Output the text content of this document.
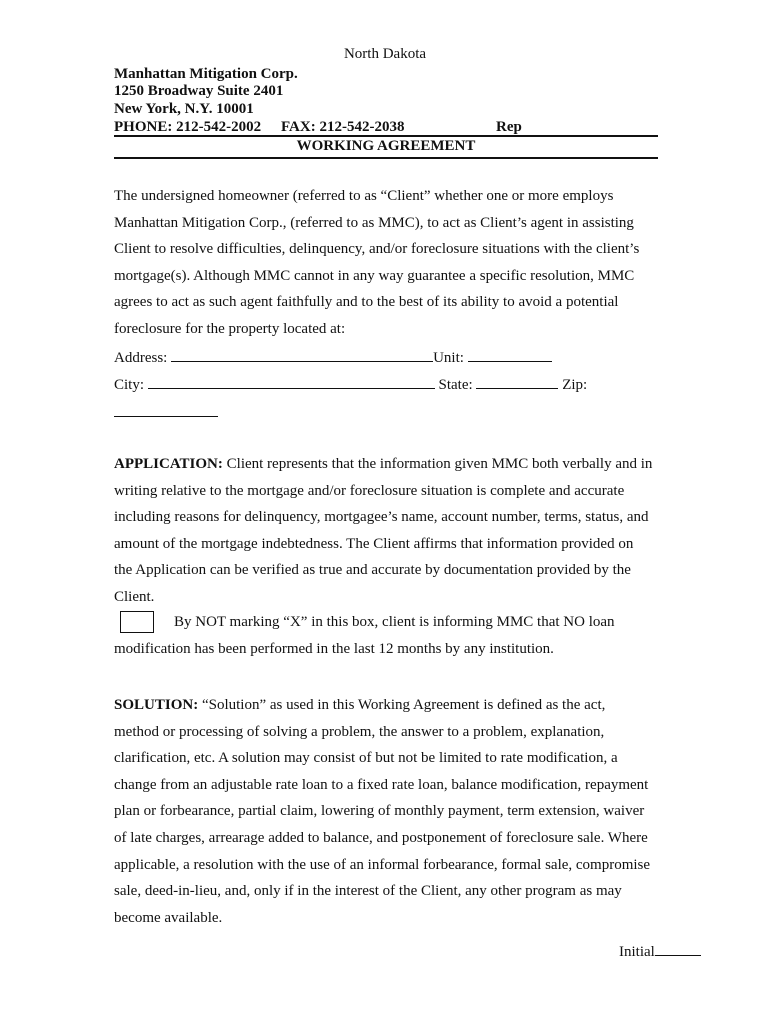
North Dakota
Manhattan Mitigation Corp.
1250 Broadway Suite 2401
New York, N.Y. 10001
PHONE: 212-542-2002 FAX: 212-542-2038	Rep
WORKING AGREEMENT

The undersigned homeowner (referred to as “Client” whether one or more employs

Manhattan Mitigation Corp., (referred to as MMC), to act as Client’s agent in assisting

Client to resolve difficulties, delinquency, and/or foreclosure situations with the client’s

mortgage(s). Although MMC cannot in any way guarantee a specific resolution, MMC

agrees to act as such agent faithfully and to the best of its ability to avoid a potential

foreclosure for the property located at:

Address:	Unit:
City:	State:	Zip:

APPLICATION: Client represents that the information given MMC both verbally and in

writing relative to the mortgage and/or foreclosure situation is complete and accurate

including reasons for delinquency, mortgagee’s name, account number, terms, status, and

amount of the mortgage indebtedness. The Client affirms that information provided on

the Application can be verified as true and accurate by documentation provided by the

Client.

By NOT marking “X” in this box, client is informing MMC that NO loan
modification has been performed in the last 12 months by any institution.

SOLUTION: “Solution” as used in this Working Agreement is defined as the act,

method or processing of solving a problem, the answer to a problem, explanation,

clarification, etc. A solution may consist of but not be limited to rate modification, a

change from an adjustable rate loan to a fixed rate loan, balance modification, repayment

plan or forbearance, partial claim, lowering of monthly payment, term extension, waiver

of late charges, arrearage added to balance, and postponement of foreclosure sale. Where

applicable, a resolution with the use of an informal forbearance, formal sale, compromise

sale, deed-in-lieu, and, only if in the interest of the Client, any other program as may

become available.

Initial
